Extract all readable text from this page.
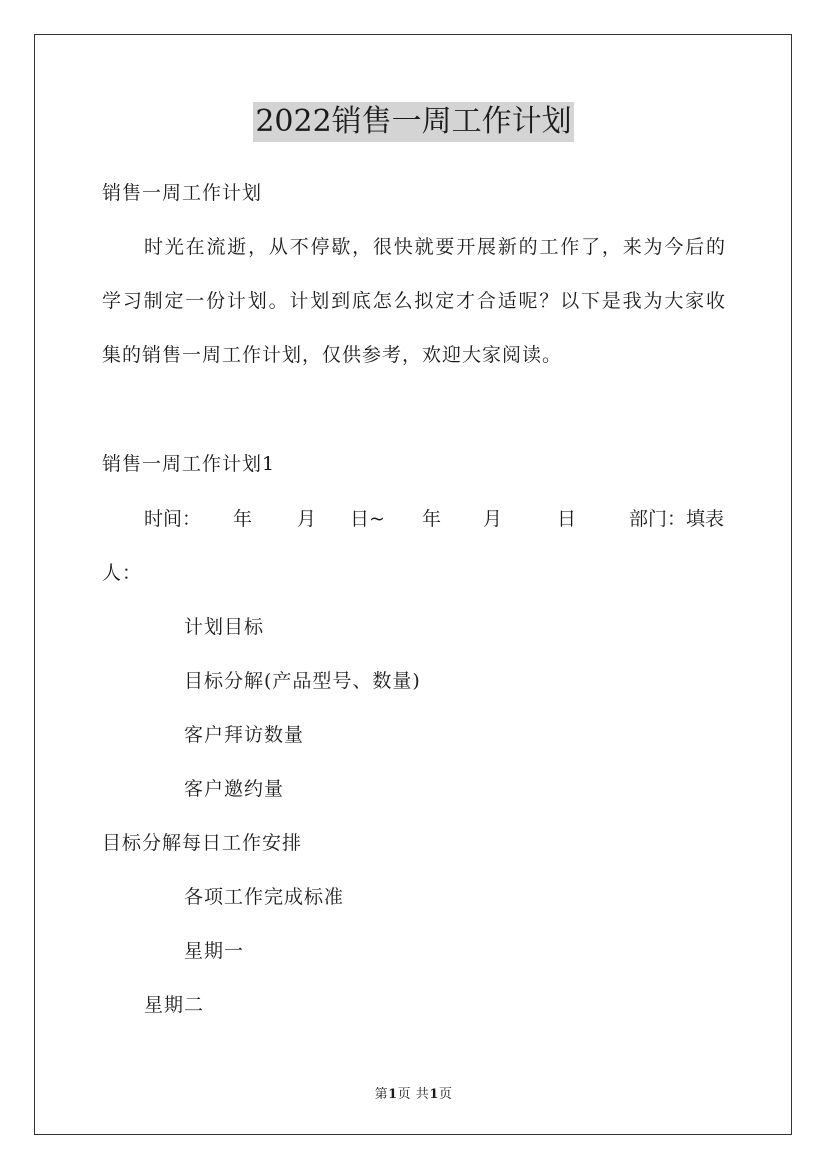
2022销售一周工作计划
销售一周工作计划

时光在流逝，从不停歇，很快就要开展新的工作了，来为今后的

学习制定一份计划。计划到底怎么拟定才合适呢？以下是我为大家收

集的销售一周工作计划，仅供参考，欢迎大家阅读。

销售一周工作计划1
时间： 年 月 日~ 年 月	日	部门：填表
人：
计划目标
目标分解(产品型号、数量)
客户拜访数量
客户邀约量
目标分解每日工作安排
各项工作完成标准
星期一
星期二
第1页 共1页
